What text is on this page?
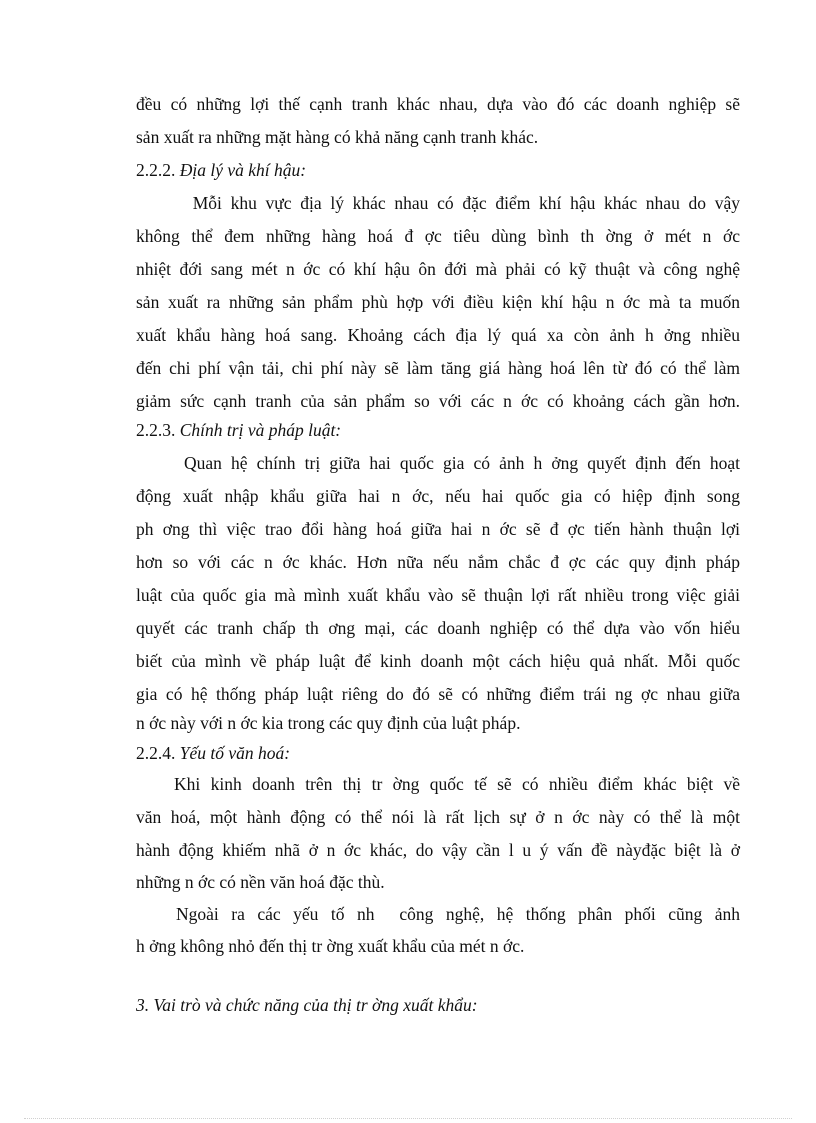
đều có những lợi thế cạnh tranh khác nhau, dựa vào đó các doanh nghiệp sẽ
sản xuất ra những mặt hàng có khả năng cạnh tranh khác.
2.2.2. Địa lý và khí hậu:
Mỗi khu vực địa lý khác nhau có đặc điểm khí hậu khác nhau do vậy
không thể đem những hàng hoá đ ợc tiêu dùng bình th ờng ở mét n ớc
nhiệt đới sang mét n ớc có khí hậu ôn đới mà phải có kỹ thuật và công nghệ
sản xuất ra những sản phẩm phù hợp với điều kiện khí hậu n ớc mà ta muốn
xuất khẩu hàng hoá sang. Khoảng cách địa lý quá xa còn ảnh h ởng nhiều
đến chi phí vận tải, chi phí này sẽ làm tăng giá hàng hoá lên từ đó có thể làm
giảm sức cạnh tranh của sản phẩm so với các n ớc có khoảng cách gần hơn.
2.2.3. Chính trị và pháp luật:
Quan hệ chính trị giữa hai quốc gia có ảnh h ởng quyết định đến hoạt
động xuất nhập khẩu giữa hai n ớc, nếu hai quốc gia có hiệp định song
ph ơng thì việc trao đổi hàng hoá giữa hai n ớc sẽ đ ợc tiến hành thuận lợi
hơn so với các n ớc khác. Hơn nữa nếu nắm chắc đ ợc các quy định pháp
luật của quốc gia mà mình xuất khẩu vào sẽ thuận lợi rất nhiều trong việc giải
quyết các tranh chấp th ơng mại, các doanh nghiệp có thể dựa vào vốn hiểu
biết của mình về pháp luật để kinh doanh một cách hiệu quả nhất. Mỗi quốc
gia có hệ thống pháp luật riêng do đó sẽ có những điểm trái ng ợc nhau giữa
n ớc này với n ớc kia trong các quy định của luật pháp.
2.2.4. Yếu tố văn hoá:
Khi kinh doanh trên thị tr ờng quốc tế sẽ có nhiều điểm khác biệt về
văn hoá, một hành động có thể nói là rất lịch sự ở n ớc này có thể là một
hành động khiếm nhã ở n ớc khác, do vậy cần l u ý vấn đề nàyđặc biệt là ở
những n ớc có nền văn hoá đặc thù.
Ngoài ra các yếu tố nh  công nghệ, hệ thống phân phối cũng ảnh
h ởng không nhỏ đến thị tr ờng xuất khẩu của mét n ớc.
3. Vai trò và chức năng của thị tr ờng xuất khẩu:
